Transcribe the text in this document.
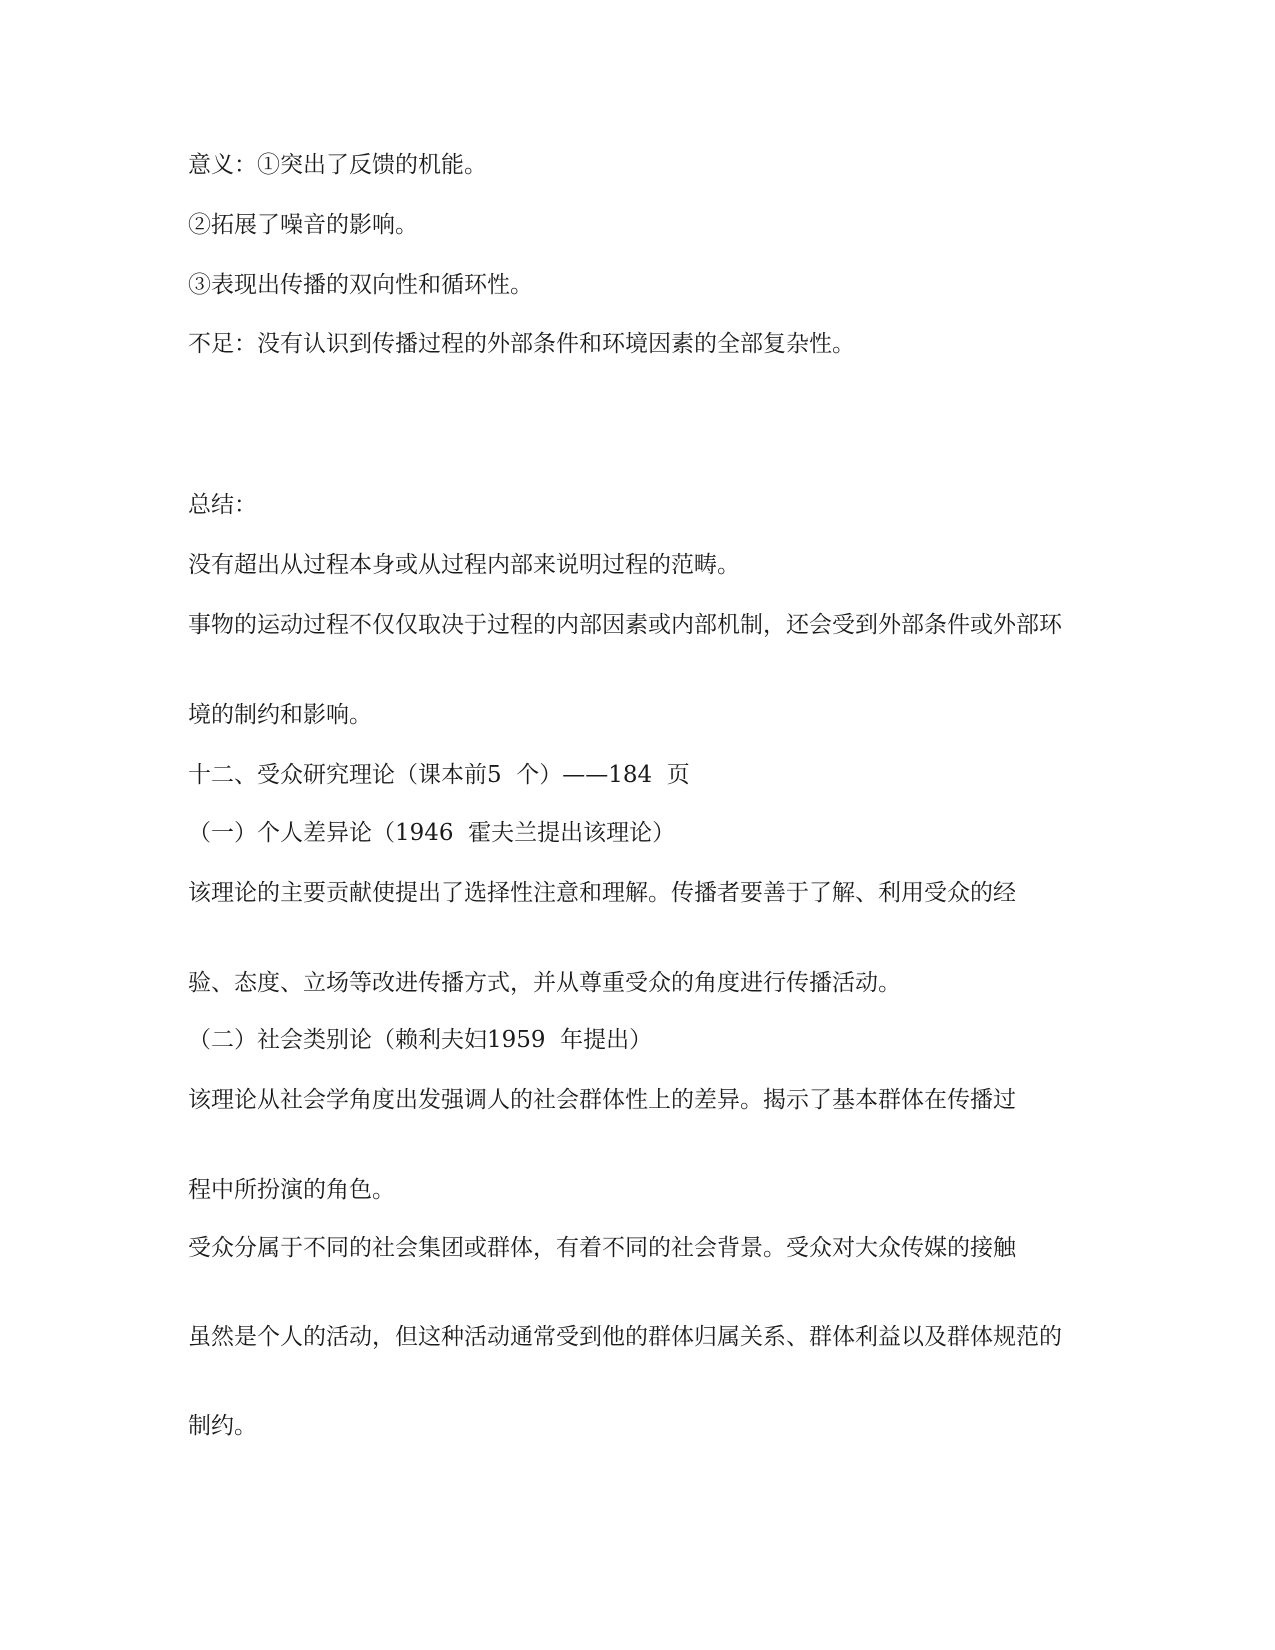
意义：①突出了反馈的机能。
②拓展了噪音的影响。
③表现出传播的双向性和循环性。
不足：没有认识到传播过程的外部条件和环境因素的全部复杂性。
总结：
没有超出从过程本身或从过程内部来说明过程的范畴。
事物的运动过程不仅仅取决于过程的内部因素或内部机制，还会受到外部条件或外部环
境的制约和影响。
十二、受众研究理论（课本前5  个）——184  页
（一）个人差异论（1946  霍夫兰提出该理论）
该理论的主要贡献使提出了选择性注意和理解。传播者要善于了解、利用受众的经
验、态度、立场等改进传播方式，并从尊重受众的角度进行传播活动。
（二）社会类别论（赖利夫妇1959  年提出）
该理论从社会学角度出发强调人的社会群体性上的差异。揭示了基本群体在传播过
程中所扮演的角色。
受众分属于不同的社会集团或群体，有着不同的社会背景。受众对大众传媒的接触
虽然是个人的活动，但这种活动通常受到他的群体归属关系、群体利益以及群体规范的
制约。
